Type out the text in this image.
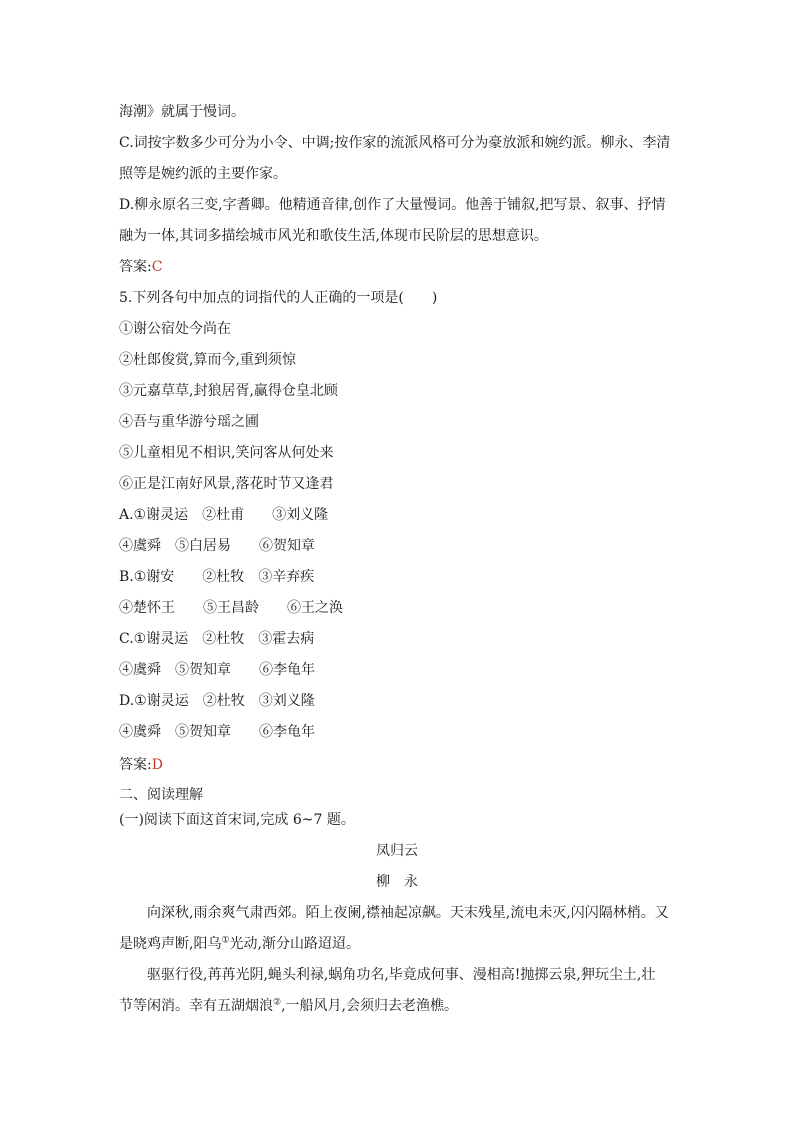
海潮》就属于慢词。
C.词按字数多少可分为小令、中调;按作家的流派风格可分为豪放派和婉约派。柳永、李清
照等是婉约派的主要作家。
D.柳永原名三变,字耆卿。他精通音律,创作了大量慢词。他善于铺叙,把写景、叙事、抒情
融为一体,其词多描绘城市风光和歌伎生活,体现市民阶层的思想意识。
答案:C
5.下列各句中加点的词指代的人正确的一项是(　　)
①谢公宿处今尚在
②杜郎俊赏,算而今,重到须惊
③元嘉草草,封狼居胥,赢得仓皇北顾
④吾与重华游兮瑶之圃
⑤儿童相见不相识,笑问客从何处来
⑥正是江南好风景,落花时节又逢君
A.①谢灵运　②杜甫　　③刘义隆
④虞舜　⑤白居易　　⑥贺知章
B.①谢安　　②杜牧　③辛弃疾
④楚怀王　　⑤王昌龄　　⑥王之涣
C.①谢灵运　②杜牧　③霍去病
④虞舜　⑤贺知章　　⑥李龟年
D.①谢灵运　②杜牧　③刘义隆
④虞舜　⑤贺知章　　⑥李龟年
答案:D
二、阅读理解
(一)阅读下面这首宋词,完成 6~7 题。
凤归云
柳　永
向深秋,雨余爽气肃西郊。陌上夜阑,襟袖起凉飙。天末残星,流电未灭,闪闪隔林梢。又
是晓鸡声断,阳乌①光动,渐分山路迢迢。
驱驱行役,苒苒光阴,蝇头利禄,蜗角功名,毕竟成何事、漫相高!抛掷云泉,狎玩尘土,壮
节等闲消。幸有五湖烟浪②,一船风月,会须归去老渔樵。
